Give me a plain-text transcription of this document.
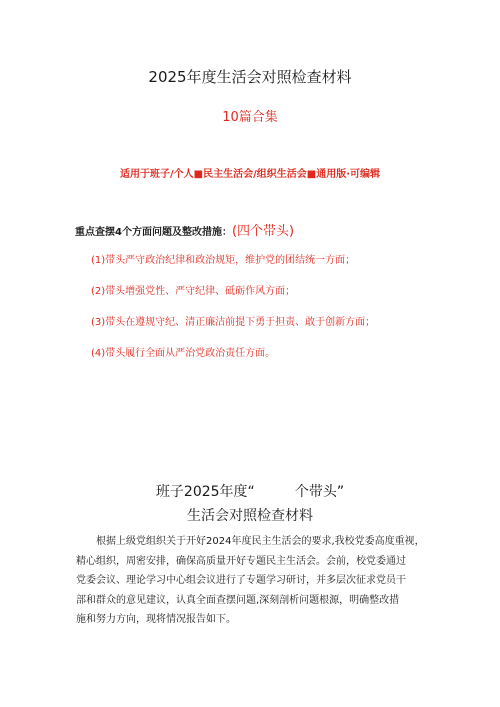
2025年度生活会对照检查材料
10篇合集
适用于班子/个人■民主生活会/组织生活会■通用版·可编辑
重点查摆4个方面问题及整改措施：(四个带头)
(1)带头严守政治纪律和政治规矩，维护党的团结统一方面；
(2)带头增强党性、严守纪律、砥砺作风方面；
(3)带头在遵规守纪、清正廉洁前提下勇于担责、敢于创新方面；
(4)带头履行全面从严治党政治责任方面。
班子2025年度“         个带头”
生活会对照检查材料
根据上级党组织关于开好2024年度民主生活会的要求,我校党委高度重视，
精心组织，周密安排，确保高质量开好专题民主生活会。会前，校党委通过
党委会议、理论学习中心组会议进行了专题学习研讨，并多层次征求党员干
部和群众的意见建议，认真全面查摆问题,深刻剖析问题根源，明确整改措
施和努力方向，现将情况报告如下。
